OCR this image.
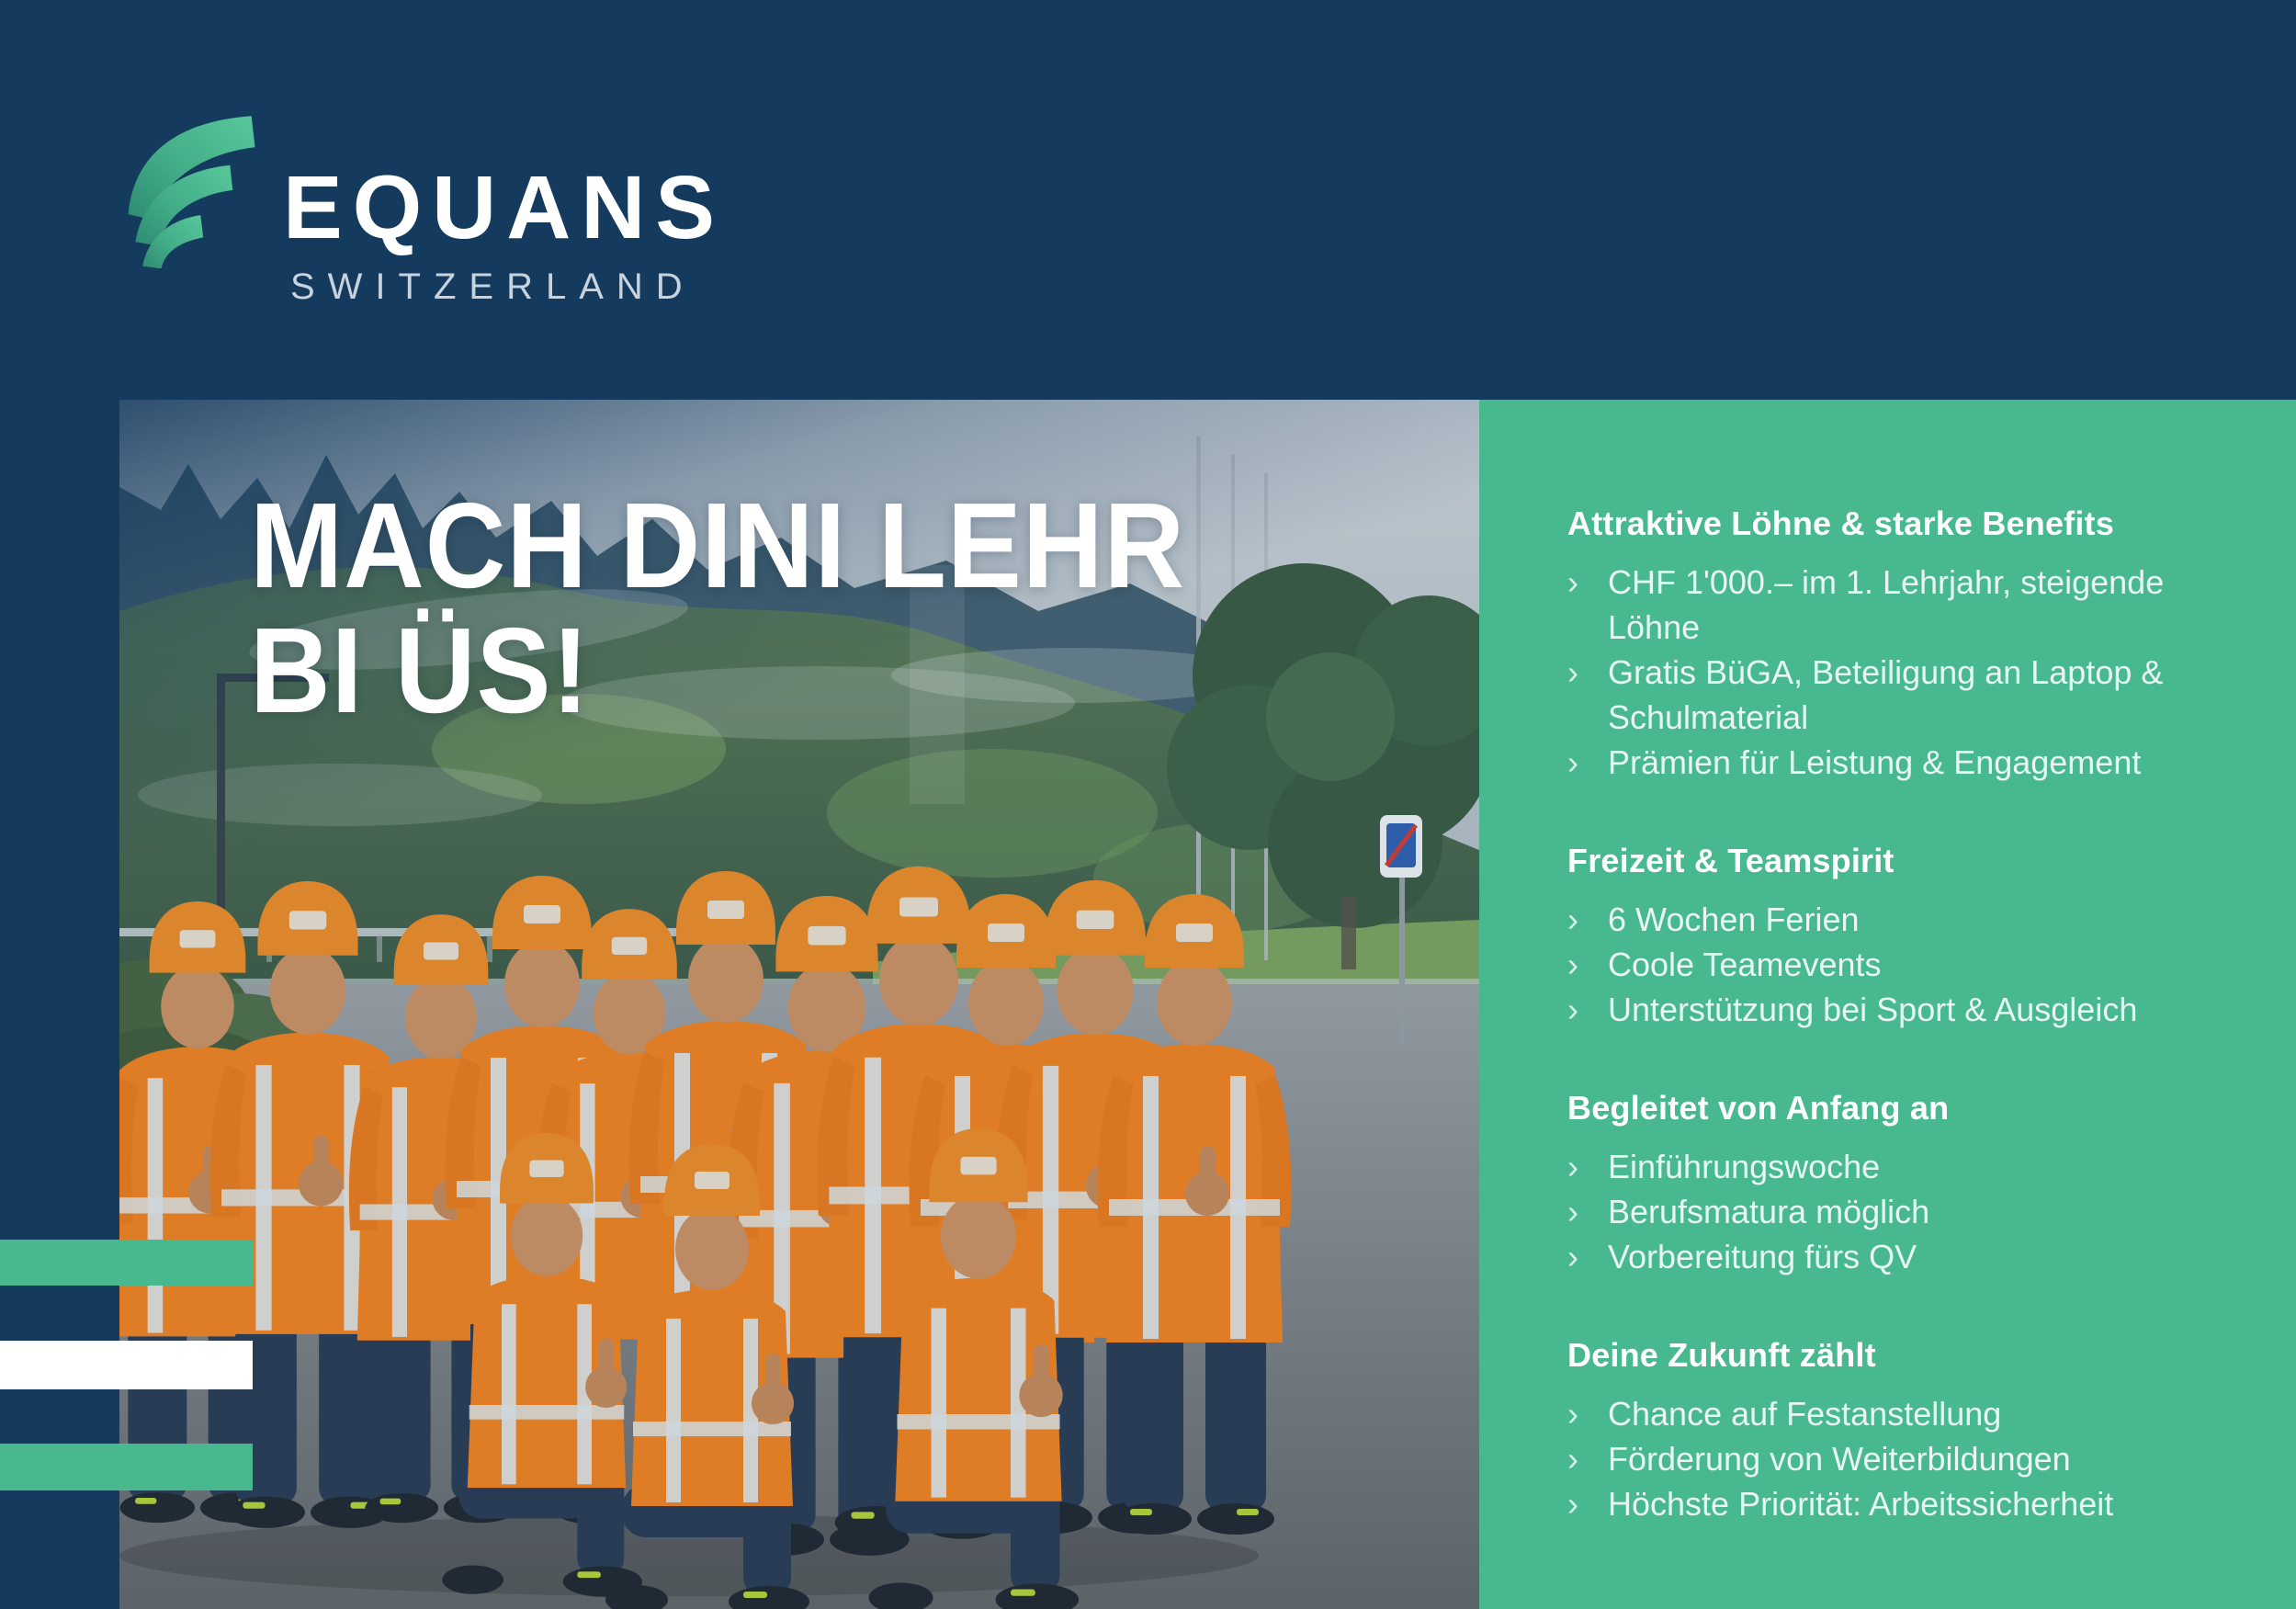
EQUANS
SWITZERLAND
MACH DINI LEHR
BI ÜS!
Attraktive Löhne & starke Benefits
› CHF 1'000.– im 1. Lehrjahr, steigende Löhne
› Gratis BüGA, Beteiligung an Laptop & Schulmaterial
› Prämien für Leistung & Engagement
Freizeit & Teamspirit
› 6 Wochen Ferien
› Coole Teamevents
› Unterstützung bei Sport & Ausgleich
Begleitet von Anfang an
› Einführungswoche
› Berufsmatura möglich
› Vorbereitung fürs QV
Deine Zukunft zählt
› Chance auf Festanstellung
› Förderung von Weiterbildungen
› Höchste Priorität: Arbeitssicherheit
